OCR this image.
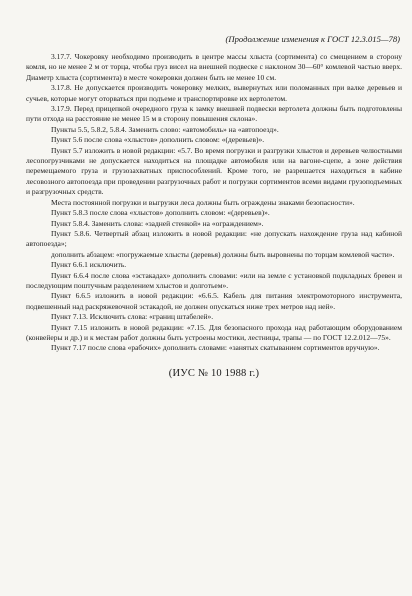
(Продолжение изменения к ГОСТ 12.3.015—78)

3.17.7. Чокеровку необходимо производить в центре массы хлыста (сортимента) со смещением в сторону комля, но не менее 2 м от торца, чтобы груз висел на внешней подвеске с наклоном 30—60° комлевой частью вверх. Диаметр хлыста (сортимента) в месте чокеровки должен быть не менее 10 см.

3.17.8. Не допускается производить чокеровку мелких, вывернутых или поломанных при валке деревьев и сучьев, которые могут оторваться при подъеме и транспортировке их вертолетом.

3.17.9. Перед прицепкой очередного груза к замку внешней подвески вертолета должны быть подготовлены пути отхода на расстояние не менее 15 м в сторону повышения склона».

Пункты 5.5, 5.8.2, 5.8.4. Заменить слово: «автомобиль» на «автопоезд».

Пункт 5.6 после слова «хлыстов» дополнить словом: «(деревьев)».

Пункт 5.7 изложить в новой редакции: «5.7. Во время погрузки и разгрузки хлыстов и деревьев челюстными лесопогрузчиками не допускается находиться на площадке автомобиля или на вагоне-сцепе, а зоне действия перемещаемого груза и грузозахватных приспособлений. Кроме того, не разрешается находиться в кабине лесовозного автопоезда при проведении разгрузочных работ и погрузки сортиментов всеми видами грузоподъемных и разгрузочных средств.

Места постоянной погрузки и выгрузки леса должны быть ограждены знаками безопасности».

Пункт 5.8.3 после слова «хлыстов» дополнить словом: «(деревьев)».

Пункт 5.8.4. Заменить слова: «задней стенкой» на «ограждением».

Пункт 5.8.6. Четвертый абзац изложить в новой редакции: «не допускать нахождение груза над кабиной автопоезда»;

дополнить абзацем: «погружаемые хлысты (деревья) должны быть выровнены по торцам комлевой части».

Пункт 6.6.1 исключить.

Пункт 6.6.4 после слова «эстакадах» дополнить словами: «или на земле с установкой подкладных бревен и последующим поштучным разделением хлыстов и долготьем».

Пункт 6.6.5 изложить в новой редакции: «6.6.5. Кабель для питания электромоторного инструмента, подвешенный над раскряжевочной эстакадой, не должен опускаться ниже трех метров над ней».

Пункт 7.13. Исключить слова: «границ штабелей».

Пункт 7.15 изложить в новой редакции: «7.15. Для безопасного прохода над работающим оборудованием (конвейеры и др.) и к местам работ должны быть устроены мостики, лестницы, трапы — по ГОСТ 12.2.012—75».

Пункт 7.17 после слова «рабочих» дополнить словами: «занятых скатыванием сортиментов вручную».

(ИУС № 10 1988 г.)
